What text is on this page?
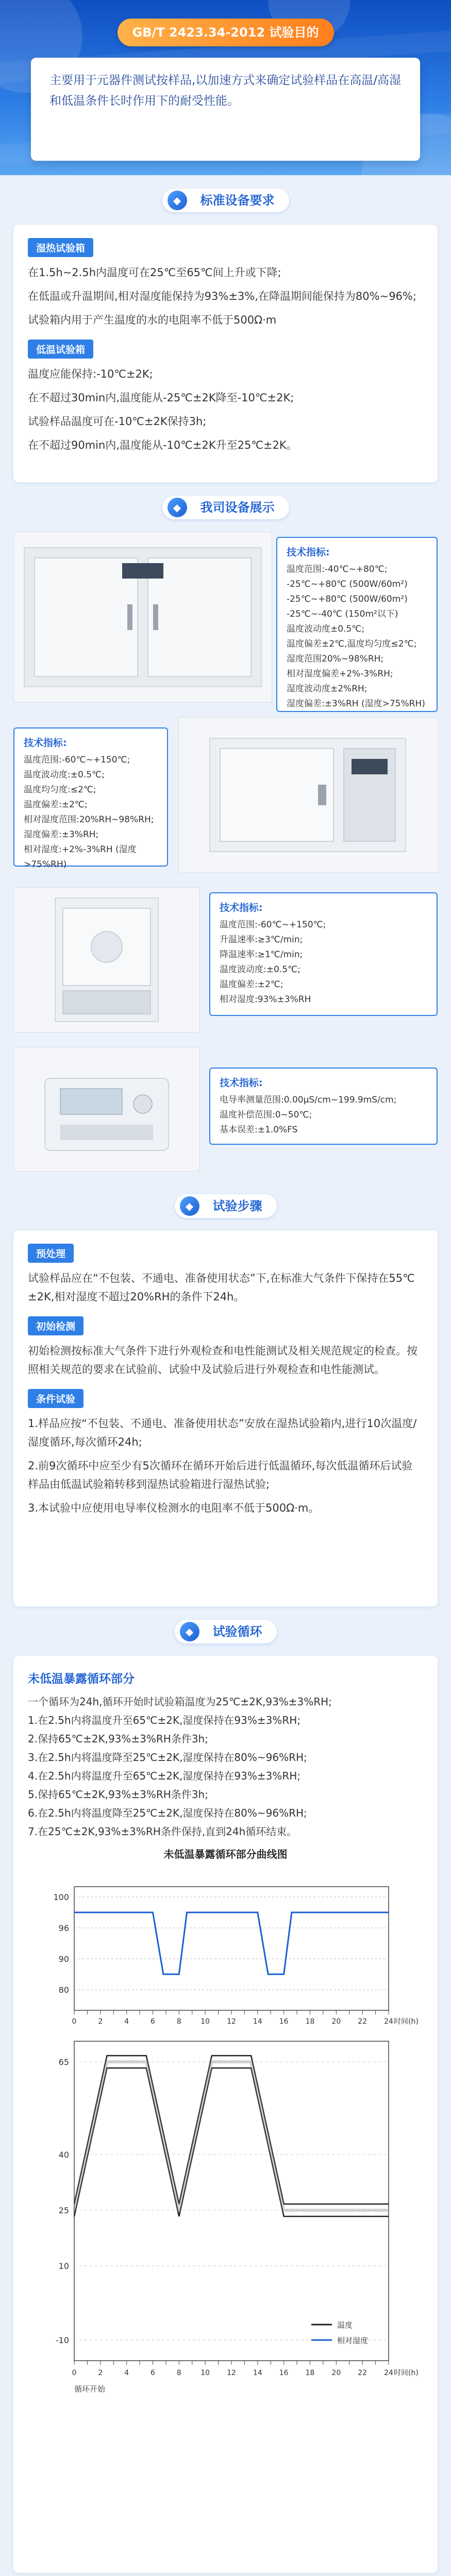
GB/T 2423.34-2012 试验目的
主要用于元器件测试按样品,以加速方式来确定试验样品在高温/高湿和低温条件长时作用下的耐受性能。
◆	标准设备要求
湿热试验箱
在1.5h~2.5h内温度可在25℃至65℃间上升或下降;
在低温或升温期间,相对湿度能保持为93%±3%,在降温期间能保持为80%~96%;
试验箱内用于产生温度的水的电阻率不低于500Ω·m
低温试验箱
温度应能保持:-10℃±2K;
在不超过30min内,温度能从-25℃±2K降至-10℃±2K;
试验样品温度可在-10℃±2K保持3h;
在不超过90min内,温度能从-10℃±2K升至25℃±2K。
◆	我司设备展示
技术指标:
温度范围:-40℃~+80℃;
-25℃~+80℃ (500W/60m²)
-25℃~+80℃ (500W/60m²)
-25℃~-40℃ (150m²以下)
温度波动度±0.5℃;
温度偏差±2℃,温度均匀度≤2℃;
湿度范围20%~98%RH;
相对湿度偏差+2%-3%RH;
湿度波动度±2%RH;
湿度偏差:±3%RH (湿度>75%RH)
技术指标:
温度范围:-60℃~+150℃;
温度波动度:±0.5℃;
温度均匀度:≤2℃;
温度偏差:±2℃;
相对湿度范围:20%RH~98%RH;
湿度偏差:±3%RH;
相对湿度:+2%-3%RH (湿度>75%RH)
技术指标:
温度范围:-60℃~+150℃;
升温速率:≥3℃/min;
降温速率:≥1℃/min;
温度波动度:±0.5℃;
温度偏差:±2℃;
相对湿度:93%±3%RH
技术指标:
电导率测量范围:0.00μS/cm~199.9mS/cm;
温度补偿范围:0~50℃;
基本误差:±1.0%FS
◆	试验步骤
预处理
试验样品应在“不包装、不通电、准备使用状态”下,在标准大气条件下保持在55℃±2K,相对湿度不超过20%RH的条件下24h。
初始检测
初始检测按标准大气条件下进行外观检查和电性能测试及相关规范规定的检查。按照相关规范的要求在试验前、试验中及试验后进行外观检查和电性能测试。
条件试验
1.样品应按“不包装、不通电、准备使用状态”安放在湿热试验箱内,进行10次温度/湿度循环,每次循环24h;
2.前9次循环中应至少有5次循环在循环开始后进行低温循环,每次低温循环后试验样品由低温试验箱转移到湿热试验箱进行湿热试验;
3.本试验中应使用电导率仪检测水的电阻率不低于500Ω·m。
◆	试验循环
未低温暴露循环部分
一个循环为24h,循环开始时试验箱温度为25℃±2K,93%±3%RH;
1.在2.5h内将温度升至65℃±2K,湿度保持在93%±3%RH;
2.保持65℃±2K,93%±3%RH条件3h;
3.在2.5h内将温度降至25℃±2K,湿度保持在80%~96%RH;
4.在2.5h内将温度升至65℃±2K,湿度保持在93%±3%RH;
5.保持65℃±2K,93%±3%RH条件3h;
6.在2.5h内将温度降至25℃±2K,湿度保持在80%~96%RH;
7.在25℃±2K,93%±3%RH条件保持,直到24h循环结束。
未低温暴露循环部分曲线图
100
96
90
80
0	2	4	6	8	10 12 14 16 18 20 22 24 时间(h)
65
40
25
10
-10
0	2	4	6	8	10 12 14 16 18 20 22 24 时间(h)
循环开始
温度
相对湿度
